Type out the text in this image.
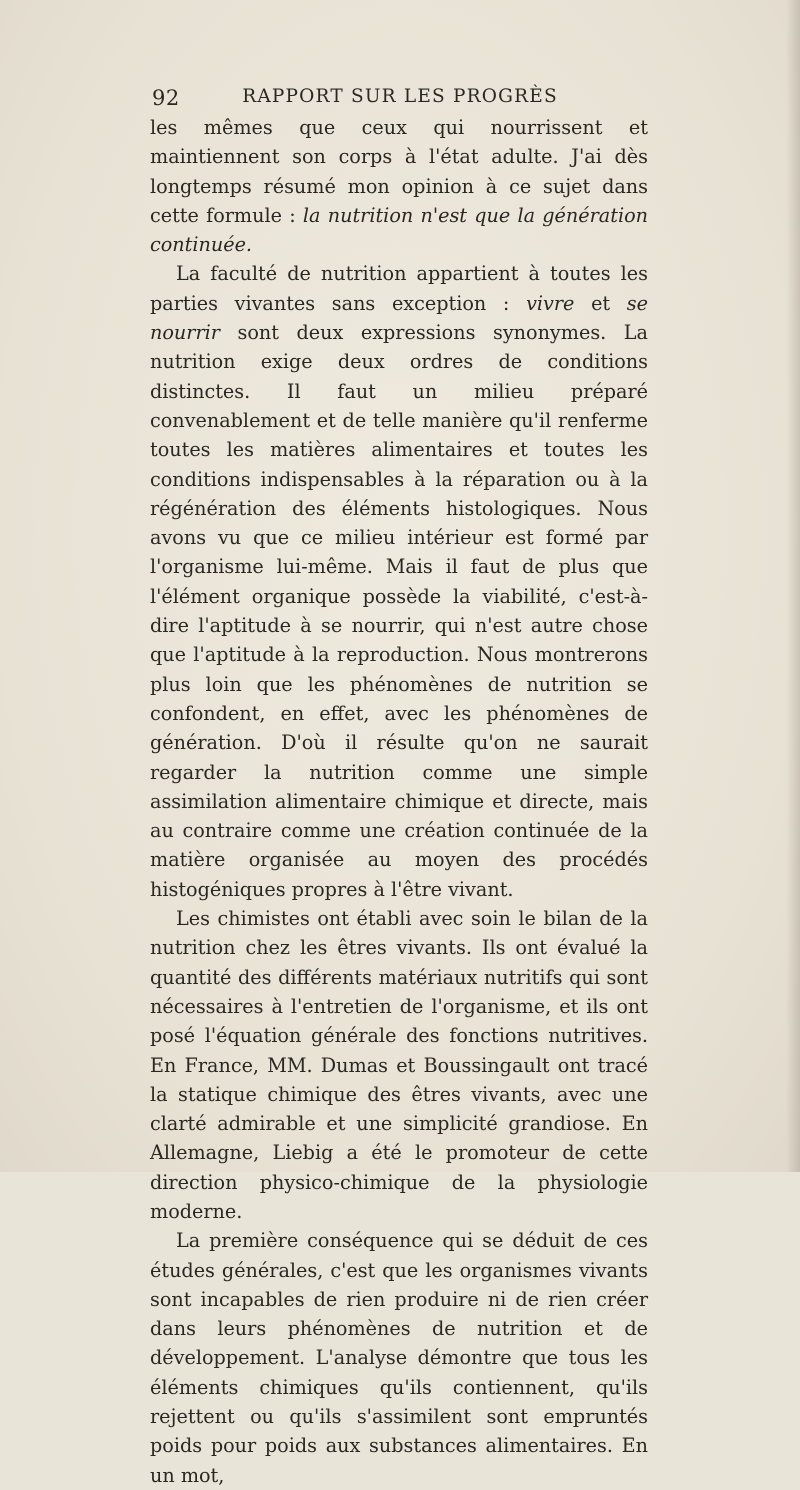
92	RAPPORT SUR LES PROGRÈS

les mêmes que ceux qui nourrissent et maintiennent son corps à l'état adulte. J'ai dès longtemps résumé mon opinion à ce sujet dans cette formule : la nutrition n'est que la génération continuée.

La faculté de nutrition appartient à toutes les parties vivantes sans exception : vivre et se nourrir sont deux expressions synonymes. La nutrition exige deux ordres de conditions distinctes. Il faut un milieu préparé convenablement et de telle manière qu'il renferme toutes les matières alimentaires et toutes les conditions indispensables à la réparation ou à la régénération des éléments histologiques. Nous avons vu que ce milieu intérieur est formé par l'organisme lui-même. Mais il faut de plus que l'élément organique possède la viabilité, c'est-à-dire l'aptitude à se nourrir, qui n'est autre chose que l'aptitude à la reproduction. Nous montrerons plus loin que les phénomènes de nutrition se confondent, en effet, avec les phénomènes de génération. D'où il résulte qu'on ne saurait regarder la nutrition comme une simple assimilation alimentaire chimique et directe, mais au contraire comme une création continuée de la matière organisée au moyen des procédés histogéniques propres à l'être vivant.

Les chimistes ont établi avec soin le bilan de la nutrition chez les êtres vivants. Ils ont évalué la quantité des différents matériaux nutritifs qui sont nécessaires à l'entretien de l'organisme, et ils ont posé l'équation générale des fonctions nutritives. En France, MM. Dumas et Boussingault ont tracé la statique chimique des êtres vivants, avec une clarté admirable et une simplicité grandiose. En Allemagne, Liebig a été le promoteur de cette direction physico-chimique de la physiologie moderne.

La première conséquence qui se déduit de ces études générales, c'est que les organismes vivants sont incapables de rien produire ni de rien créer dans leurs phénomènes de nutrition et de développement. L'analyse démontre que tous les éléments chimiques qu'ils contiennent, qu'ils rejettent ou qu'ils s'assimilent sont empruntés poids pour poids aux substances alimentaires. En un mot,
